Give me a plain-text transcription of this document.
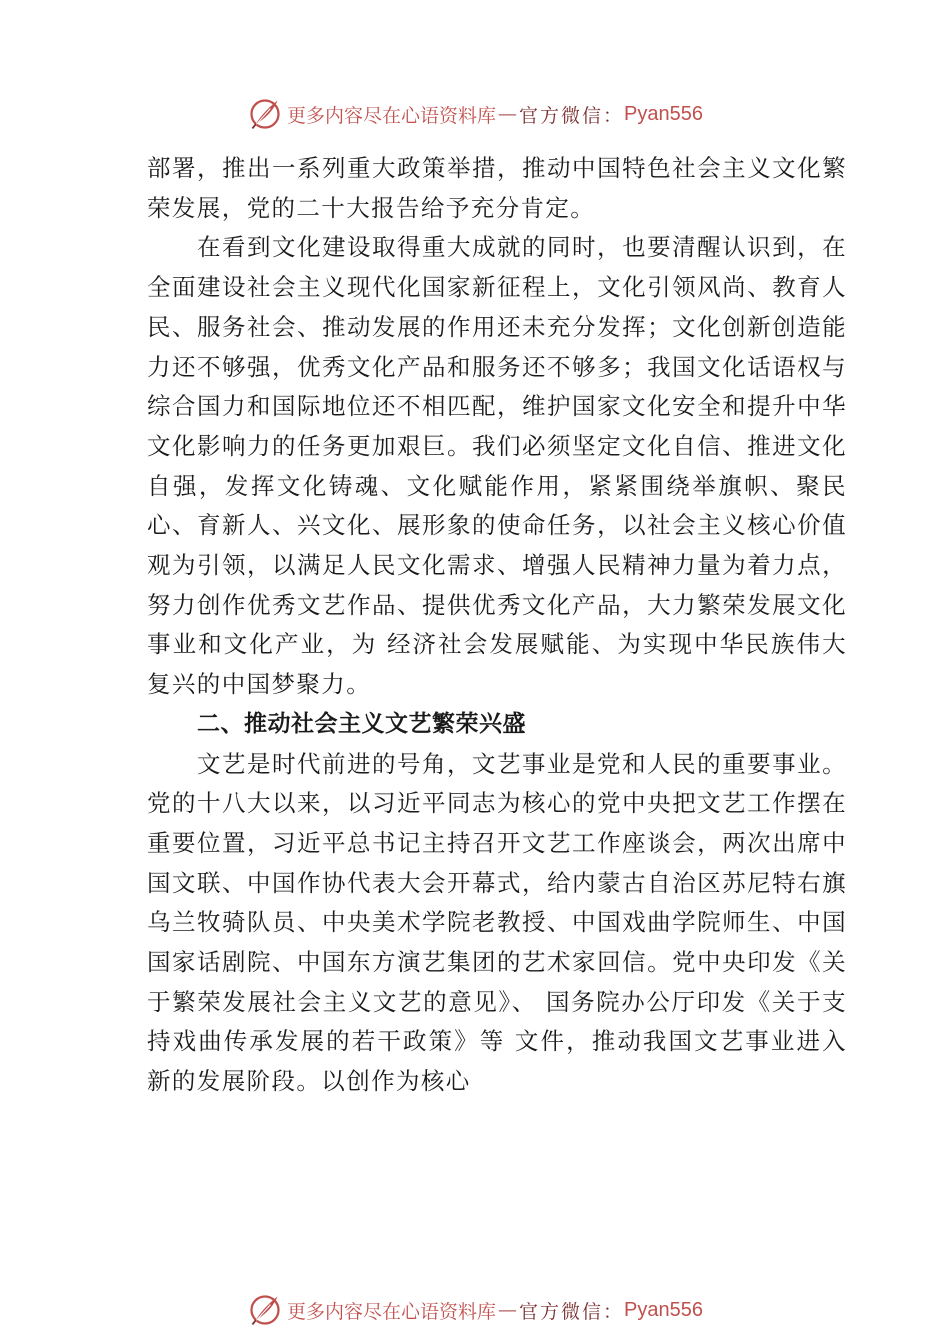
更多内容尽在心语资料库 — 官方微信： Pyan556

部署，推出一系列重大政策举措，推动中国特色社会主义文化繁荣发展，党的二十大报告给予充分肯定。

在看到文化建设取得重大成就的同时，也要清醒认识到，在全面建设社会主义现代化国家新征程上，文化引领风尚、教育人民、服务社会、推动发展的作用还未充分发挥；文化创新创造能力还不够强，优秀文化产品和服务还不够多；我国文化话语权与综合国力和国际地位还不相匹配，维护国家文化安全和提升中华文化影响力的任务更加艰巨。我们必须坚定文化自信、推进文化自强，发挥文化铸魂、文化赋能作用，紧紧围绕举旗帜、聚民心、育新人、兴文化、展形象的使命任务，以社会主义核心价值观为引领，以满足人民文化需求、增强人民精神力量为着力点，努力创作优秀文艺作品、提供优秀文化产品，大力繁荣发展文化事业和文化产业，为 经济社会发展赋能、为实现中华民族伟大复兴的中国梦聚力。

二、推动社会主义文艺繁荣兴盛

文艺是时代前进的号角，文艺事业是党和人民的重要事业。党的十八大以来，以习近平同志为核心的党中央把文艺工作摆在重要位置，习近平总书记主持召开文艺工作座谈会，两次出席中国文联、中国作协代表大会开幕式，给内蒙古自治区苏尼特右旗乌兰牧骑队员、中央美术学院老教授、中国戏曲学院师生、中国国家话剧院、中国东方演艺集团的艺术家回信。党中央印发《关于繁荣发展社会主义文艺的意见》、 国务院办公厅印发《关于支持戏曲传承发展的若干政策》等 文件，推动我国文艺事业进入新的发展阶段。以创作为核心

更多内容尽在心语资料库 — 官方微信： Pyan556
